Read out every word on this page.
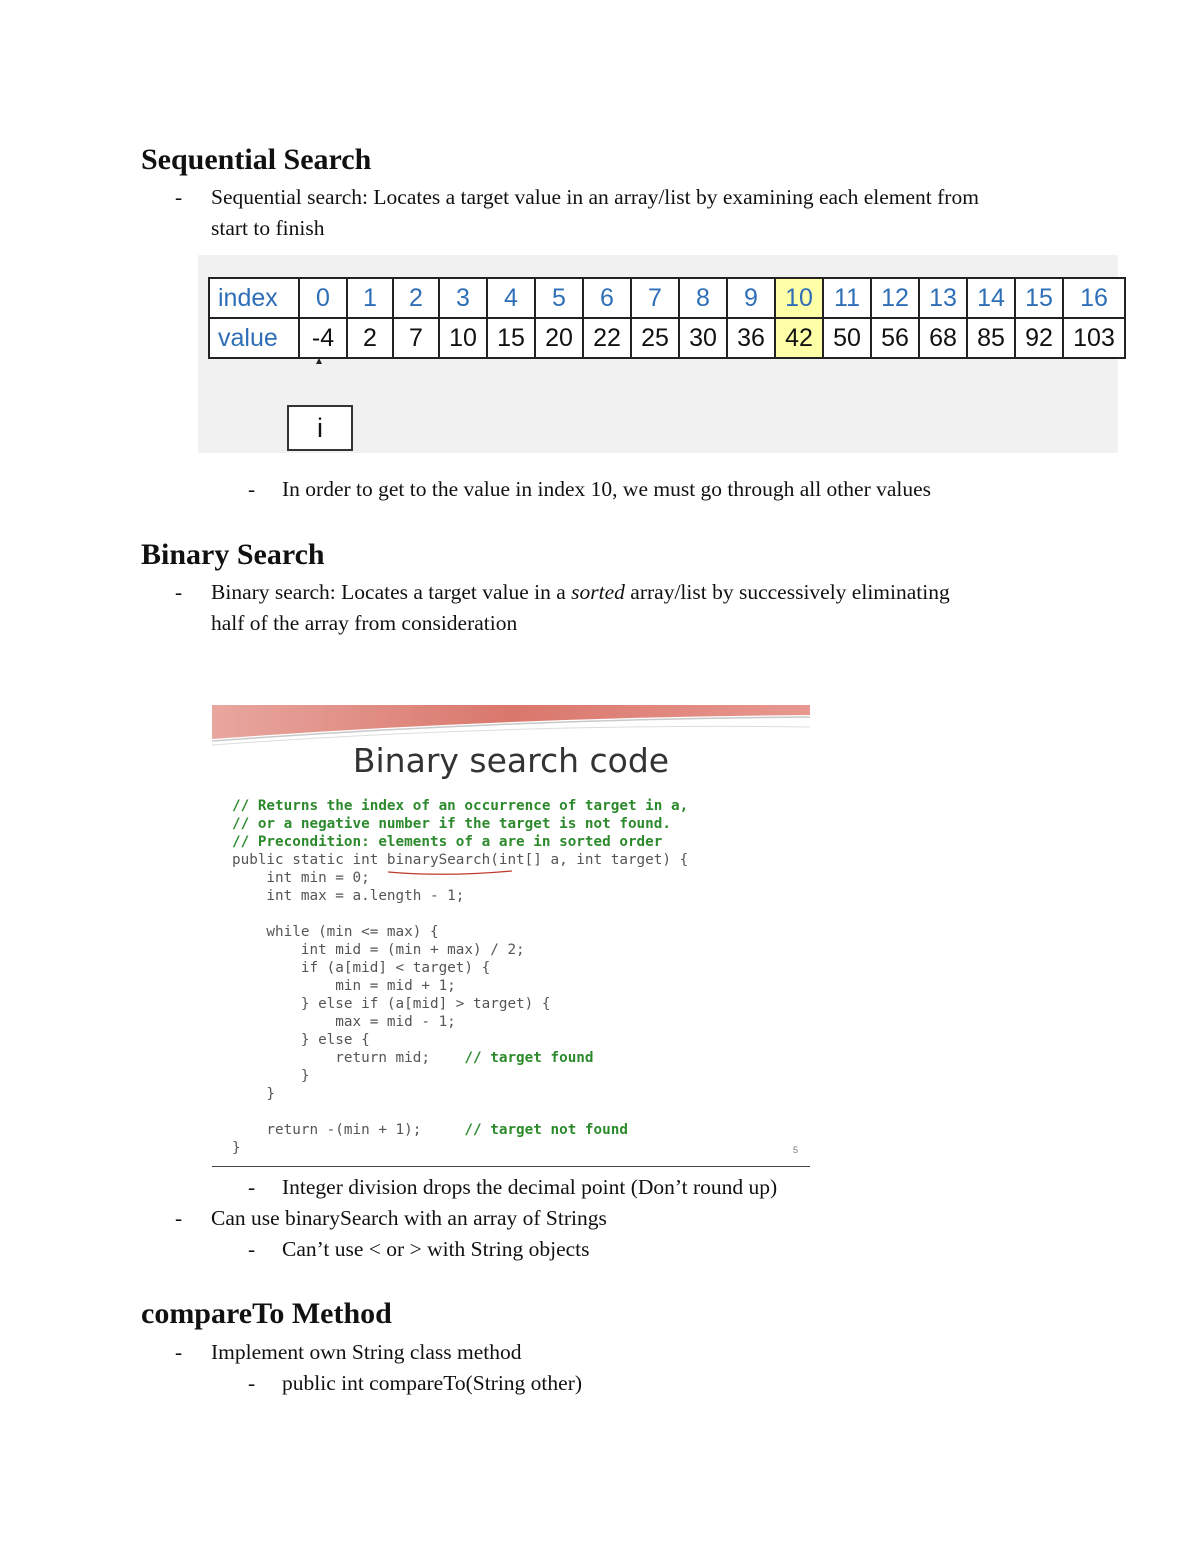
Sequential Search
- Sequential search: Locates a target value in an array/list by examining each element from
start to finish
index	0	1	2	3	4	5	6	7	8	9	10	11	12	13	14	15	16
value	-4	2	7	10	15	20	22	25	30	36	42	50	56	68	85	92	103
i
- In order to get to the value in index 10, we must go through all other values
Binary Search
- Binary search: Locates a target value in a sorted array/list by successively eliminating
half of the array from consideration
Binary search code
// Returns the index of an occurrence of target in a,
// or a negative number if the target is not found.
// Precondition: elements of a are in sorted order
public static int binarySearch(int[] a, int target) {
int min = 0;
int max = a.length - 1;

while (min <= max) {
int mid = (min + max) / 2;
if (a[mid] < target) {
min = mid + 1;
} else if (a[mid] > target) {
max = mid - 1;
} else {
return mid;    // target found
}
}

return -(min + 1);     // target not found
}	5
- Integer division drops the decimal point (Don’t round up)
- Can use binarySearch with an array of Strings
- Can’t use < or > with String objects
compareTo Method
- Implement own String class method
- public int compareTo(String other)
